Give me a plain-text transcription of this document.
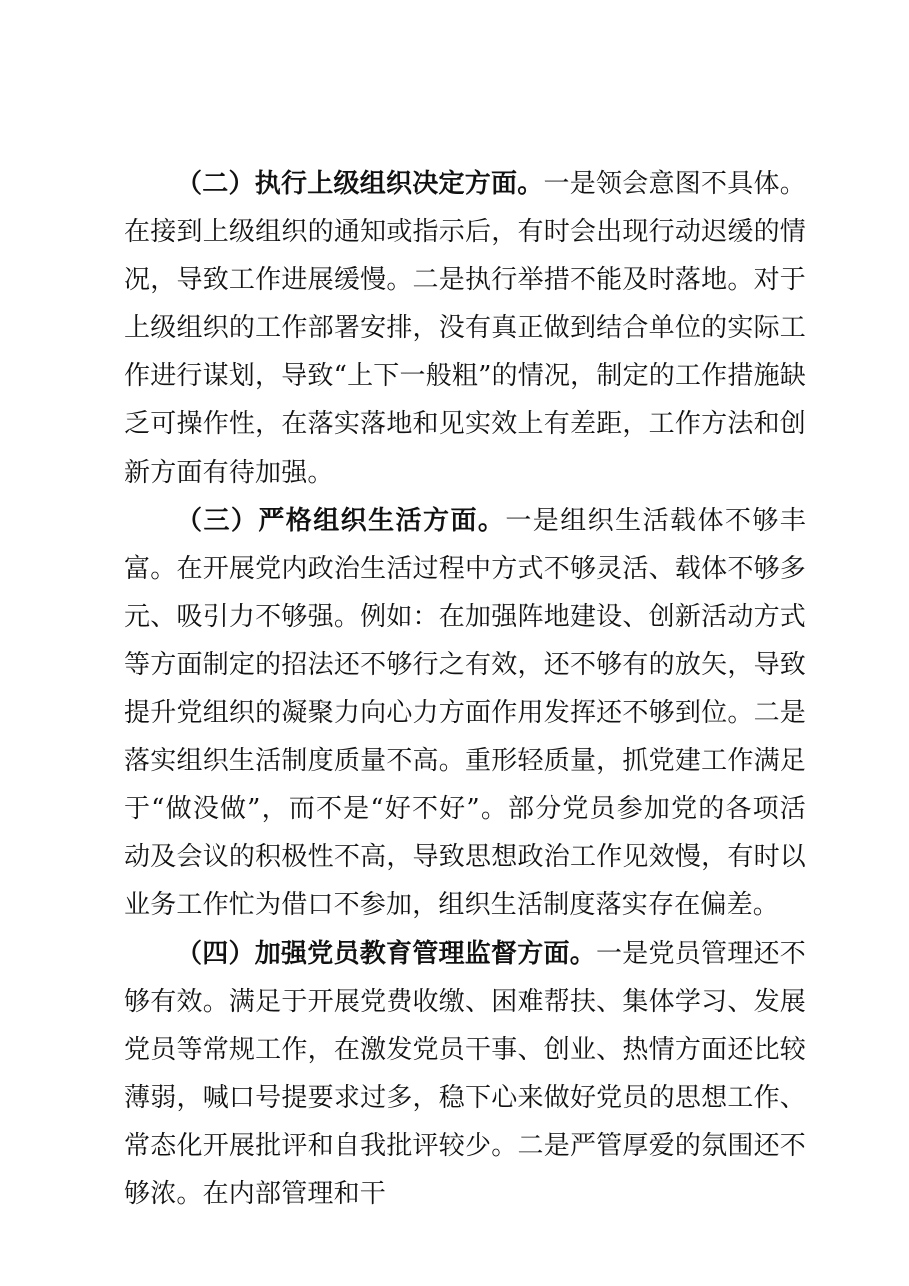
（二）执行上级组织决定方面。一是领会意图不具体。在接到上级组织的通知或指示后，有时会出现行动迟缓的情况，导致工作进展缓慢。二是执行举措不能及时落地。对于上级组织的工作部署安排，没有真正做到结合单位的实际工作进行谋划，导致“上下一般粗”的情况，制定的工作措施缺乏可操作性，在落实落地和见实效上有差距，工作方法和创新方面有待加强。

（三）严格组织生活方面。一是组织生活载体不够丰富。在开展党内政治生活过程中方式不够灵活、载体不够多元、吸引力不够强。例如：在加强阵地建设、创新活动方式等方面制定的招法还不够行之有效，还不够有的放矢，导致提升党组织的凝聚力向心力方面作用发挥还不够到位。二是落实组织生活制度质量不高。重形轻质量，抓党建工作满足于“做没做”，而不是“好不好”。部分党员参加党的各项活动及会议的积极性不高，导致思想政治工作见效慢，有时以业务工作忙为借口不参加，组织生活制度落实存在偏差。

（四）加强党员教育管理监督方面。一是党员管理还不够有效。满足于开展党费收缴、困难帮扶、集体学习、发展党员等常规工作，在激发党员干事、创业、热情方面还比较薄弱，喊口号提要求过多，稳下心来做好党员的思想工作、常态化开展批评和自我批评较少。二是严管厚爱的氛围还不够浓。在内部管理和干
